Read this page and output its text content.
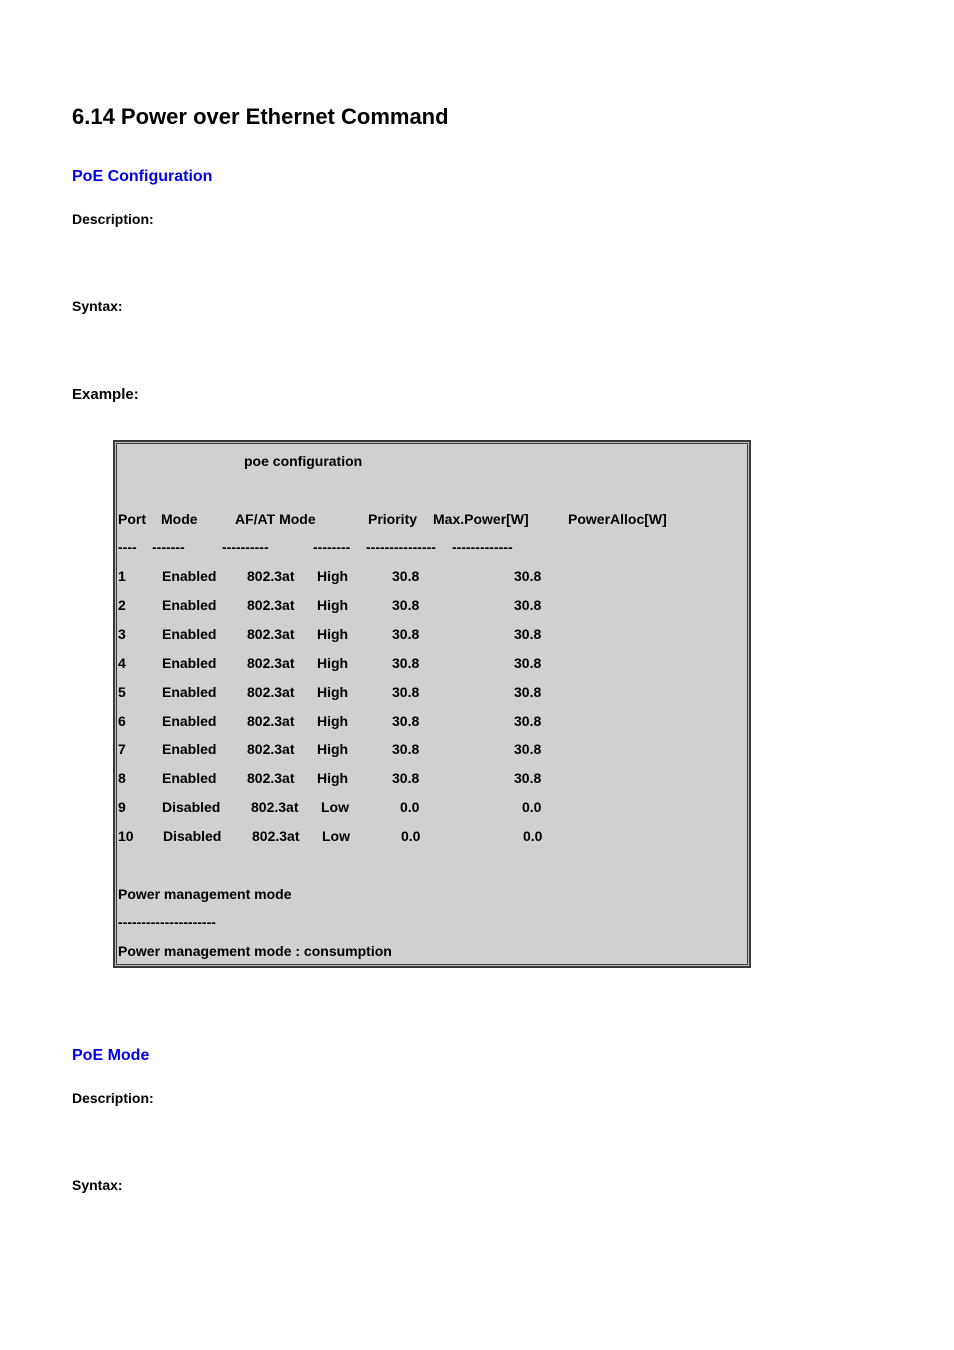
6.14 Power over Ethernet Command
PoE Configuration
Description:
Syntax:
Example:
poe configuration
Port Mode	AF/AT Mode	Priority Max.Power[W]	PowerAlloc[W]
---- -------	----------	-------- --------------- -------------
1	Enabled 802.3at High	30.8	30.8
2	Enabled 802.3at High	30.8	30.8
3	Enabled 802.3at High	30.8	30.8
4	Enabled 802.3at High	30.8	30.8
5	Enabled 802.3at High	30.8	30.8
6	Enabled 802.3at High	30.8	30.8
7	Enabled 802.3at High	30.8	30.8
8	Enabled 802.3at High	30.8	30.8
9	Disabled 802.3at Low	0.0	0.0
10 Disabled 802.3at Low	0.0	0.0
Power management mode
---------------------
Power management mode : consumption
PoE Mode
Description:
Syntax:
